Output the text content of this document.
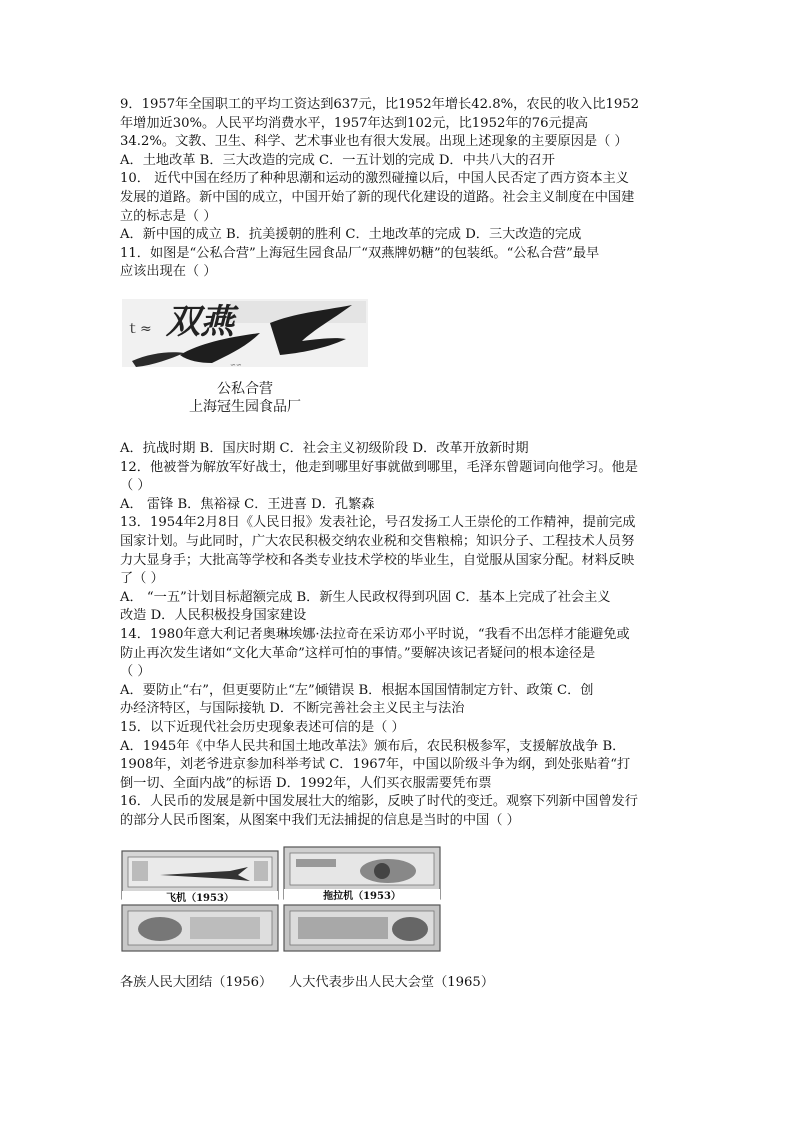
9．1957年全国职工的平均工资达到637元，比1952年增长42.8%，农民的收入比1952

年增加近30%。人民平均消费水平，1957年达到102元，比1952年的76元提高

34.2%。文教、卫生、科学、艺术事业也有很大发展。出现上述现象的主要原因是（ ）

A．土地改革 B．三大改造的完成 C．一五计划的完成 D．中共八大的召开

10． 近代中国在经历了种种思潮和运动的激烈碰撞以后，中国人民否定了西方资本主义

发展的道路。新中国的成立，中国开始了新的现代化建设的道路。社会主义制度在中国建

立的标志是（ ）

A．新中国的成立 B．抗美援朝的胜利 C．土地改革的完成 D．三大改造的完成

11．如图是“公私合营”上海冠生园食品厂“双燕牌奶糖”的包装纸。“公私合营”最早

应该出现在（ ）

双燕
ｔ≈
∽∽
公私合营
上海冠生园食品厂

A．抗战时期 B．国庆时期 C．社会主义初级阶段 D．改革开放新时期

12．他被誉为解放军好战士，他走到哪里好事就做到哪里，毛泽东曾题词向他学习。他是

（ ）

A． 雷锋 B．焦裕禄 C．王进喜 D．孔繁森

13．1954年2月8日《人民日报》发表社论，号召发扬工人王崇伦的工作精神，提前完成

国家计划。与此同时，广大农民积极交纳农业税和交售粮棉；知识分子、工程技术人员努

力大显身手；大批高等学校和各类专业技术学校的毕业生，自觉服从国家分配。材料反映

了（ ）

A． “一五”计划目标超额完成 B．新生人民政权得到巩固 C．基本上完成了社会主义

改造 D．人民积极投身国家建设

14．1980年意大利记者奥琳埃娜·法拉奇在采访邓小平时说，“我看不出怎样才能避免或

防止再次发生诸如“文化大革命”这样可怕的事情。”要解决该记者疑问的根本途径是

（ ）

A．要防止“右”，但更要防止“左”倾错误 B．根据本国国情制定方针、政策 C．创

办经济特区，与国际接轨 D．不断完善社会主义民主与法治

15．以下近现代社会历史现象表述可信的是（ ）

A．1945年《中华人民共和国土地改革法》颁布后，农民积极参军，支援解放战争 B．

1908年，刘老爷进京参加科举考试 C．1967年，中国以阶级斗争为纲，到处张贴着“打

倒一切、全面内战”的标语 D．1992年，人们买衣服需要凭布票

16．人民币的发展是新中国发展壮大的缩影，反映了时代的变迁。观察下列新中国曾发行

的部分人民币图案，从图案中我们无法捕捉的信息是当时的中国（ ）

飞机（1953）	拖拉机（1953）
各族人民大团结（1956）    人大代表步出人民大会堂（1965）
